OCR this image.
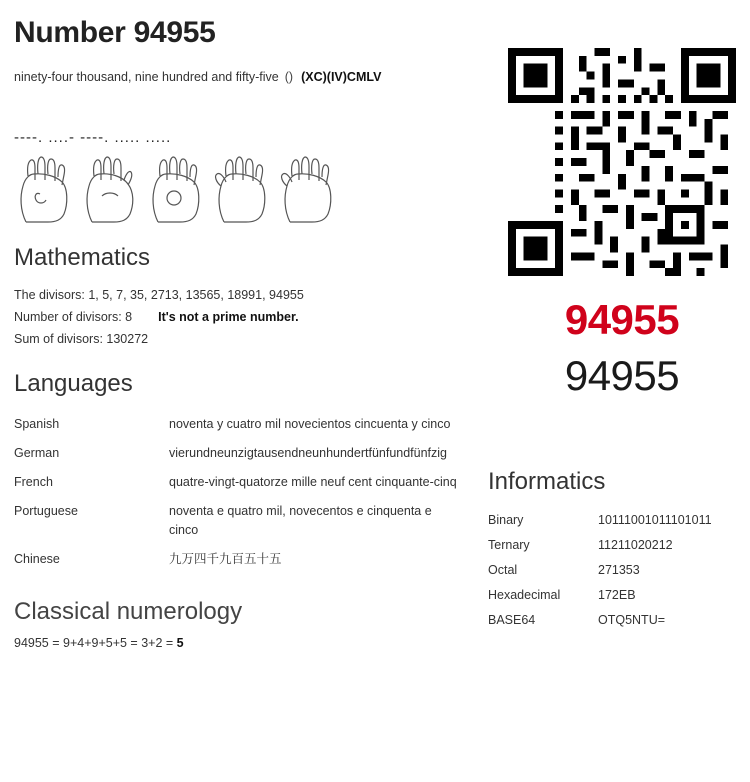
Number 94955
ninety-four thousand, nine hundred and fifty-five () (XC)(IV)CMLV
----. ....- ----. ..... .....
Mathematics
The divisors: 1, 5, 7, 35, 2713, 13565, 18991, 94955
Number of divisors: 8 It's not a prime number.
Sum of divisors: 130272
Languages
Spanish	noventa y cuatro mil novecientos cincuenta y cinco
German	vierundneunzigtausendneunhundertfünfundfünfzig
French	quatre-vingt-quatorze mille neuf cent cinquante-cinq
Portuguese	noventa e quatro mil, novecentos e cinquenta e cinco
Chinese	九万四千九百五十五
Classical numerology
94955 = 9+4+9+5+5 = 3+2 = 5
94955
94955
Informatics
Binary	10111001011101011
Ternary	11211020212
Octal	271353
Hexadecimal	172EB
BASE64	OTQ5NTU=
